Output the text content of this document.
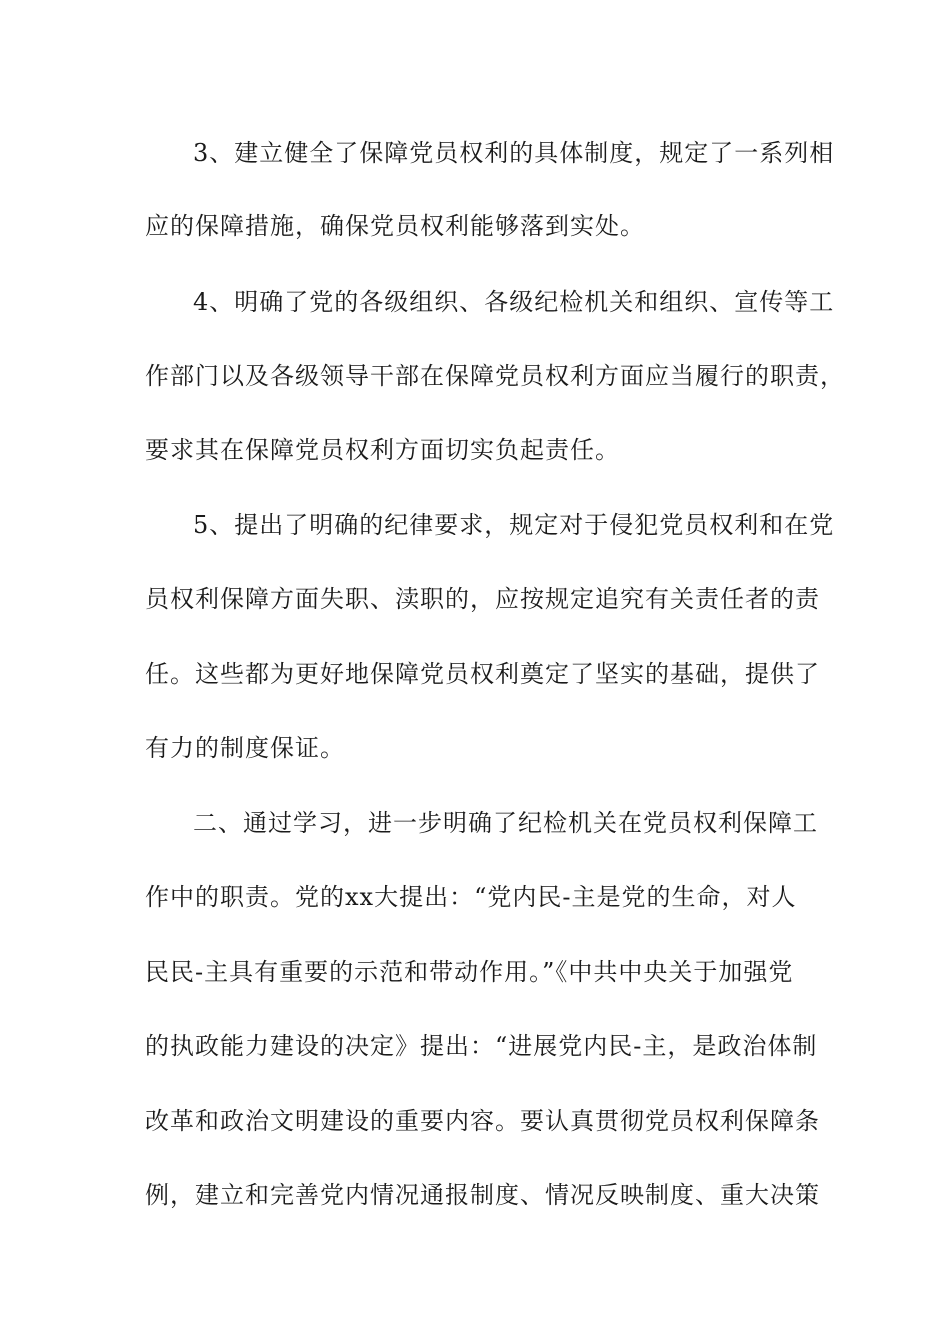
3、建立健全了保障党员权利的具体制度，规定了一系列相
应的保障措施，确保党员权利能够落到实处。
4、明确了党的各级组织、各级纪检机关和组织、宣传等工
作部门以及各级领导干部在保障党员权利方面应当履行的职责，
要求其在保障党员权利方面切实负起责任。
5、提出了明确的纪律要求，规定对于侵犯党员权利和在党
员权利保障方面失职、渎职的，应按规定追究有关责任者的责
任。这些都为更好地保障党员权利奠定了坚实的基础，提供了
有力的制度保证。
二、通过学习，进一步明确了纪检机关在党员权利保障工
作中的职责。党的xx大提出：“党内民-主是党的生命，对人
民民-主具有重要的示范和带动作用。”《中共中央关于加强党
的执政能力建设的决定》提出：“进展党内民-主，是政治体制
改革和政治文明建设的重要内容。要认真贯彻党员权利保障条
例，建立和完善党内情况通报制度、情况反映制度、重大决策
